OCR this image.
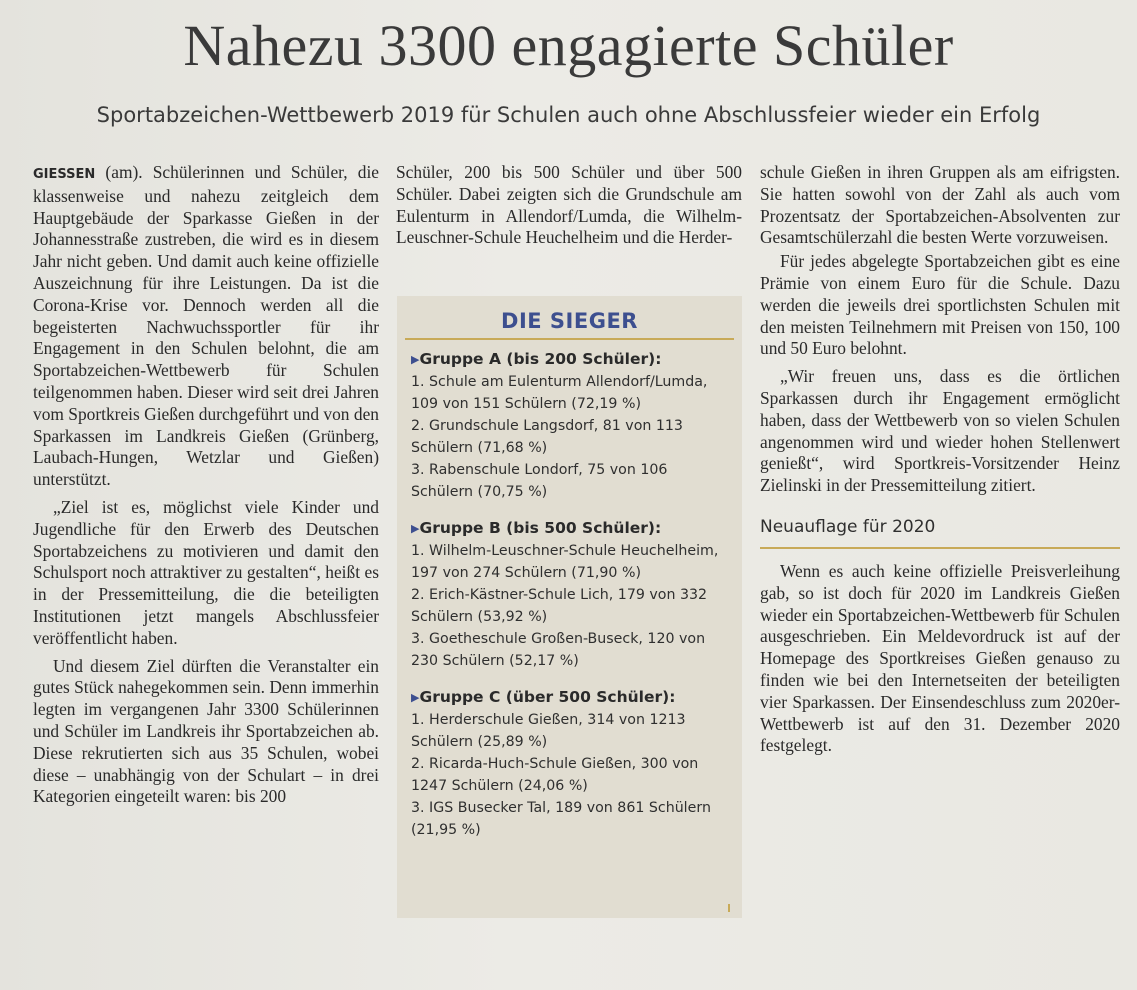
Nahezu 3300 engagierte Schüler
Sportabzeichen-Wettbewerb 2019 für Schulen auch ohne Abschlussfeier wieder ein Erfolg

GIESSEN (am). Schülerinnen und Schüler, die klassenweise und nahezu zeitgleich dem Hauptgebäude der Sparkasse Gießen in der Johannesstraße zustreben, die wird es in diesem Jahr nicht geben. Und damit auch keine offizielle Auszeichnung für ihre Leistungen. Da ist die Corona-Krise vor. Dennoch werden all die begeisterten Nachwuchssportler für ihr Engagement in den Schulen belohnt, die am Sportabzeichen-Wettbewerb für Schulen teilgenommen haben. Dieser wird seit drei Jahren vom Sportkreis Gießen durchgeführt und von den Sparkassen im Landkreis Gießen (Grünberg, Laubach-Hungen, Wetzlar und Gießen) unterstützt.

„Ziel ist es, möglichst viele Kinder und Jugendliche für den Erwerb des Deutschen Sportabzeichens zu motivieren und damit den Schulsport noch attraktiver zu gestalten“, heißt es in der Pressemitteilung, die die beteiligten Institutionen jetzt mangels Abschlussfeier veröffentlicht haben.

Und diesem Ziel dürften die Veranstalter ein gutes Stück nahegekommen sein. Denn immerhin legten im vergangenen Jahr 3300 Schülerinnen und Schüler im Landkreis ihr Sportabzeichen ab. Diese rekrutierten sich aus 35 Schulen, wobei diese – unabhängig von der Schulart – in drei Kategorien eingeteilt waren: bis 200

Schüler, 200 bis 500 Schüler und über 500 Schüler. Dabei zeigten sich die Grundschule am Eulenturm in Allendorf/Lumda, die Wilhelm-Leuschner-Schule Heuchelheim und die Herder-

DIE SIEGER
▶Gruppe A (bis 200 Schüler):

1. Schule am Eulenturm Allendorf/Lumda, 109 von 151 Schülern (72,19 %)

2. Grundschule Langsdorf, 81 von 113 Schülern (71,68 %)

3. Rabenschule Londorf, 75 von 106 Schülern (70,75 %)

▶Gruppe B (bis 500 Schüler):

1. Wilhelm-Leuschner-Schule Heuchelheim, 197 von 274 Schülern (71,90 %)

2. Erich-Kästner-Schule Lich, 179 von 332 Schülern (53,92 %)

3. Goetheschule Großen-Buseck, 120 von 230 Schülern (52,17 %)

▶Gruppe C (über 500 Schüler):

1. Herderschule Gießen, 314 von 1213 Schülern (25,89 %)

2. Ricarda-Huch-Schule Gießen, 300 von 1247 Schülern (24,06 %)

3. IGS Busecker Tal, 189 von 861 Schülern (21,95 %)

schule Gießen in ihren Gruppen als am eifrigsten. Sie hatten sowohl von der Zahl als auch vom Prozentsatz der Sportabzeichen-Absolventen zur Gesamtschülerzahl die besten Werte vorzuweisen.

Für jedes abgelegte Sportabzeichen gibt es eine Prämie von einem Euro für die Schule. Dazu werden die jeweils drei sportlichsten Schulen mit den meisten Teilnehmern mit Preisen von 150, 100 und 50 Euro belohnt.

„Wir freuen uns, dass es die örtlichen Sparkassen durch ihr Engagement ermöglicht haben, dass der Wettbewerb von so vielen Schulen angenommen wird und wieder hohen Stellenwert genießt“, wird Sportkreis-Vorsitzender Heinz Zielinski in der Pressemitteilung zitiert.

Neuauflage für 2020

Wenn es auch keine offizielle Preisverleihung gab, so ist doch für 2020 im Landkreis Gießen wieder ein Sportabzeichen-Wettbewerb für Schulen ausgeschrieben. Ein Meldevordruck ist auf der Homepage des Sportkreises Gießen genauso zu finden wie bei den Internetseiten der beteiligten vier Sparkassen. Der Einsendeschluss zum 2020er-Wettbewerb ist auf den 31. Dezember 2020 festgelegt.
